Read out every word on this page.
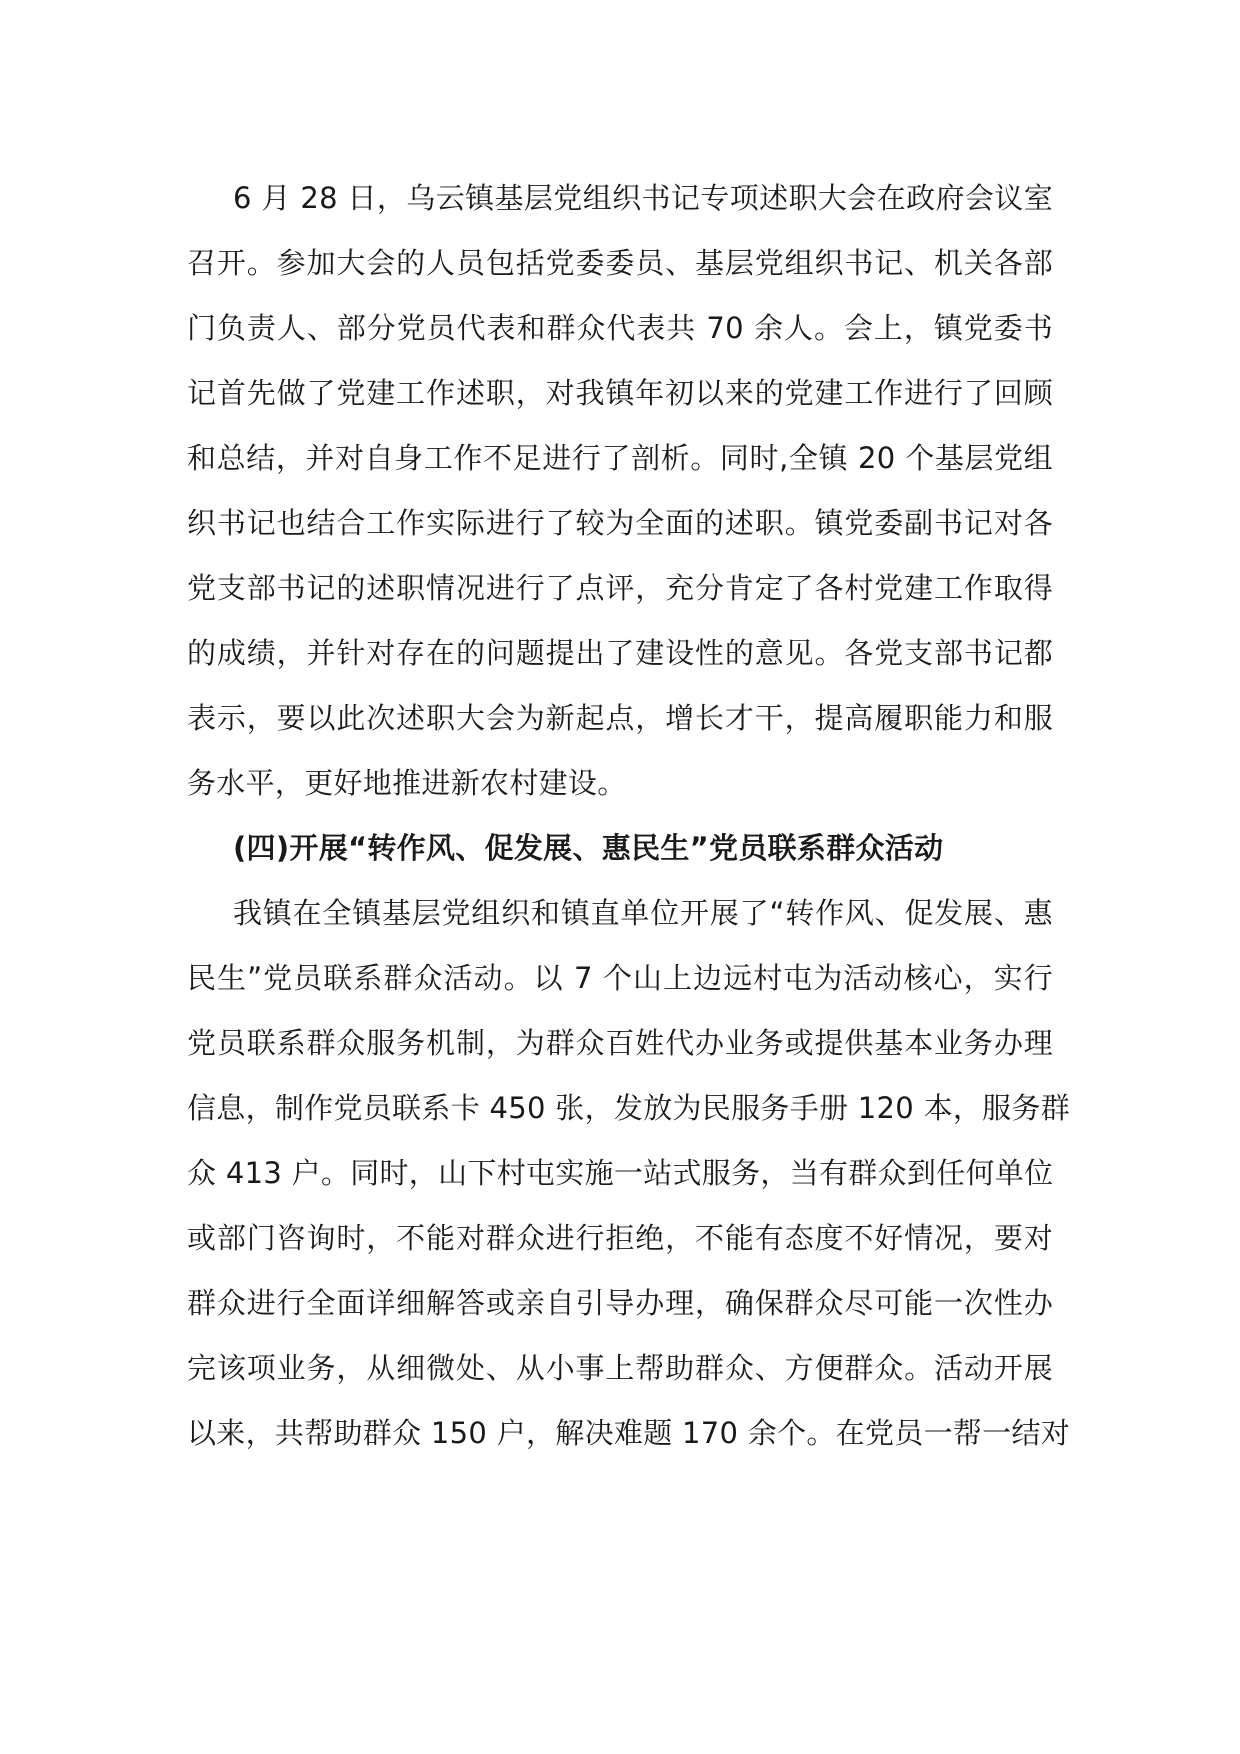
6 月 28 日，乌云镇基层党组织书记专项述职大会在政府会议室
召开。参加大会的人员包括党委委员、基层党组织书记、机关各部
门负责人、部分党员代表和群众代表共 70 余人。会上，镇党委书
记首先做了党建工作述职，对我镇年初以来的党建工作进行了回顾
和总结，并对自身工作不足进行了剖析。同时,全镇 20 个基层党组
织书记也结合工作实际进行了较为全面的述职。镇党委副书记对各
党支部书记的述职情况进行了点评，充分肯定了各村党建工作取得
的成绩，并针对存在的问题提出了建设性的意见。各党支部书记都
表示，要以此次述职大会为新起点，增长才干，提高履职能力和服
务水平，更好地推进新农村建设。
(四)开展“转作风、促发展、惠民生”党员联系群众活动
我镇在全镇基层党组织和镇直单位开展了“转作风、促发展、惠
民生”党员联系群众活动。以 7 个山上边远村屯为活动核心，实行
党员联系群众服务机制，为群众百姓代办业务或提供基本业务办理
信息，制作党员联系卡 450 张，发放为民服务手册 120 本，服务群
众 413 户。同时，山下村屯实施一站式服务，当有群众到任何单位
或部门咨询时，不能对群众进行拒绝，不能有态度不好情况，要对
群众进行全面详细解答或亲自引导办理，确保群众尽可能一次性办
完该项业务，从细微处、从小事上帮助群众、方便群众。活动开展
以来，共帮助群众 150 户，解决难题 170 余个。在党员一帮一结对
